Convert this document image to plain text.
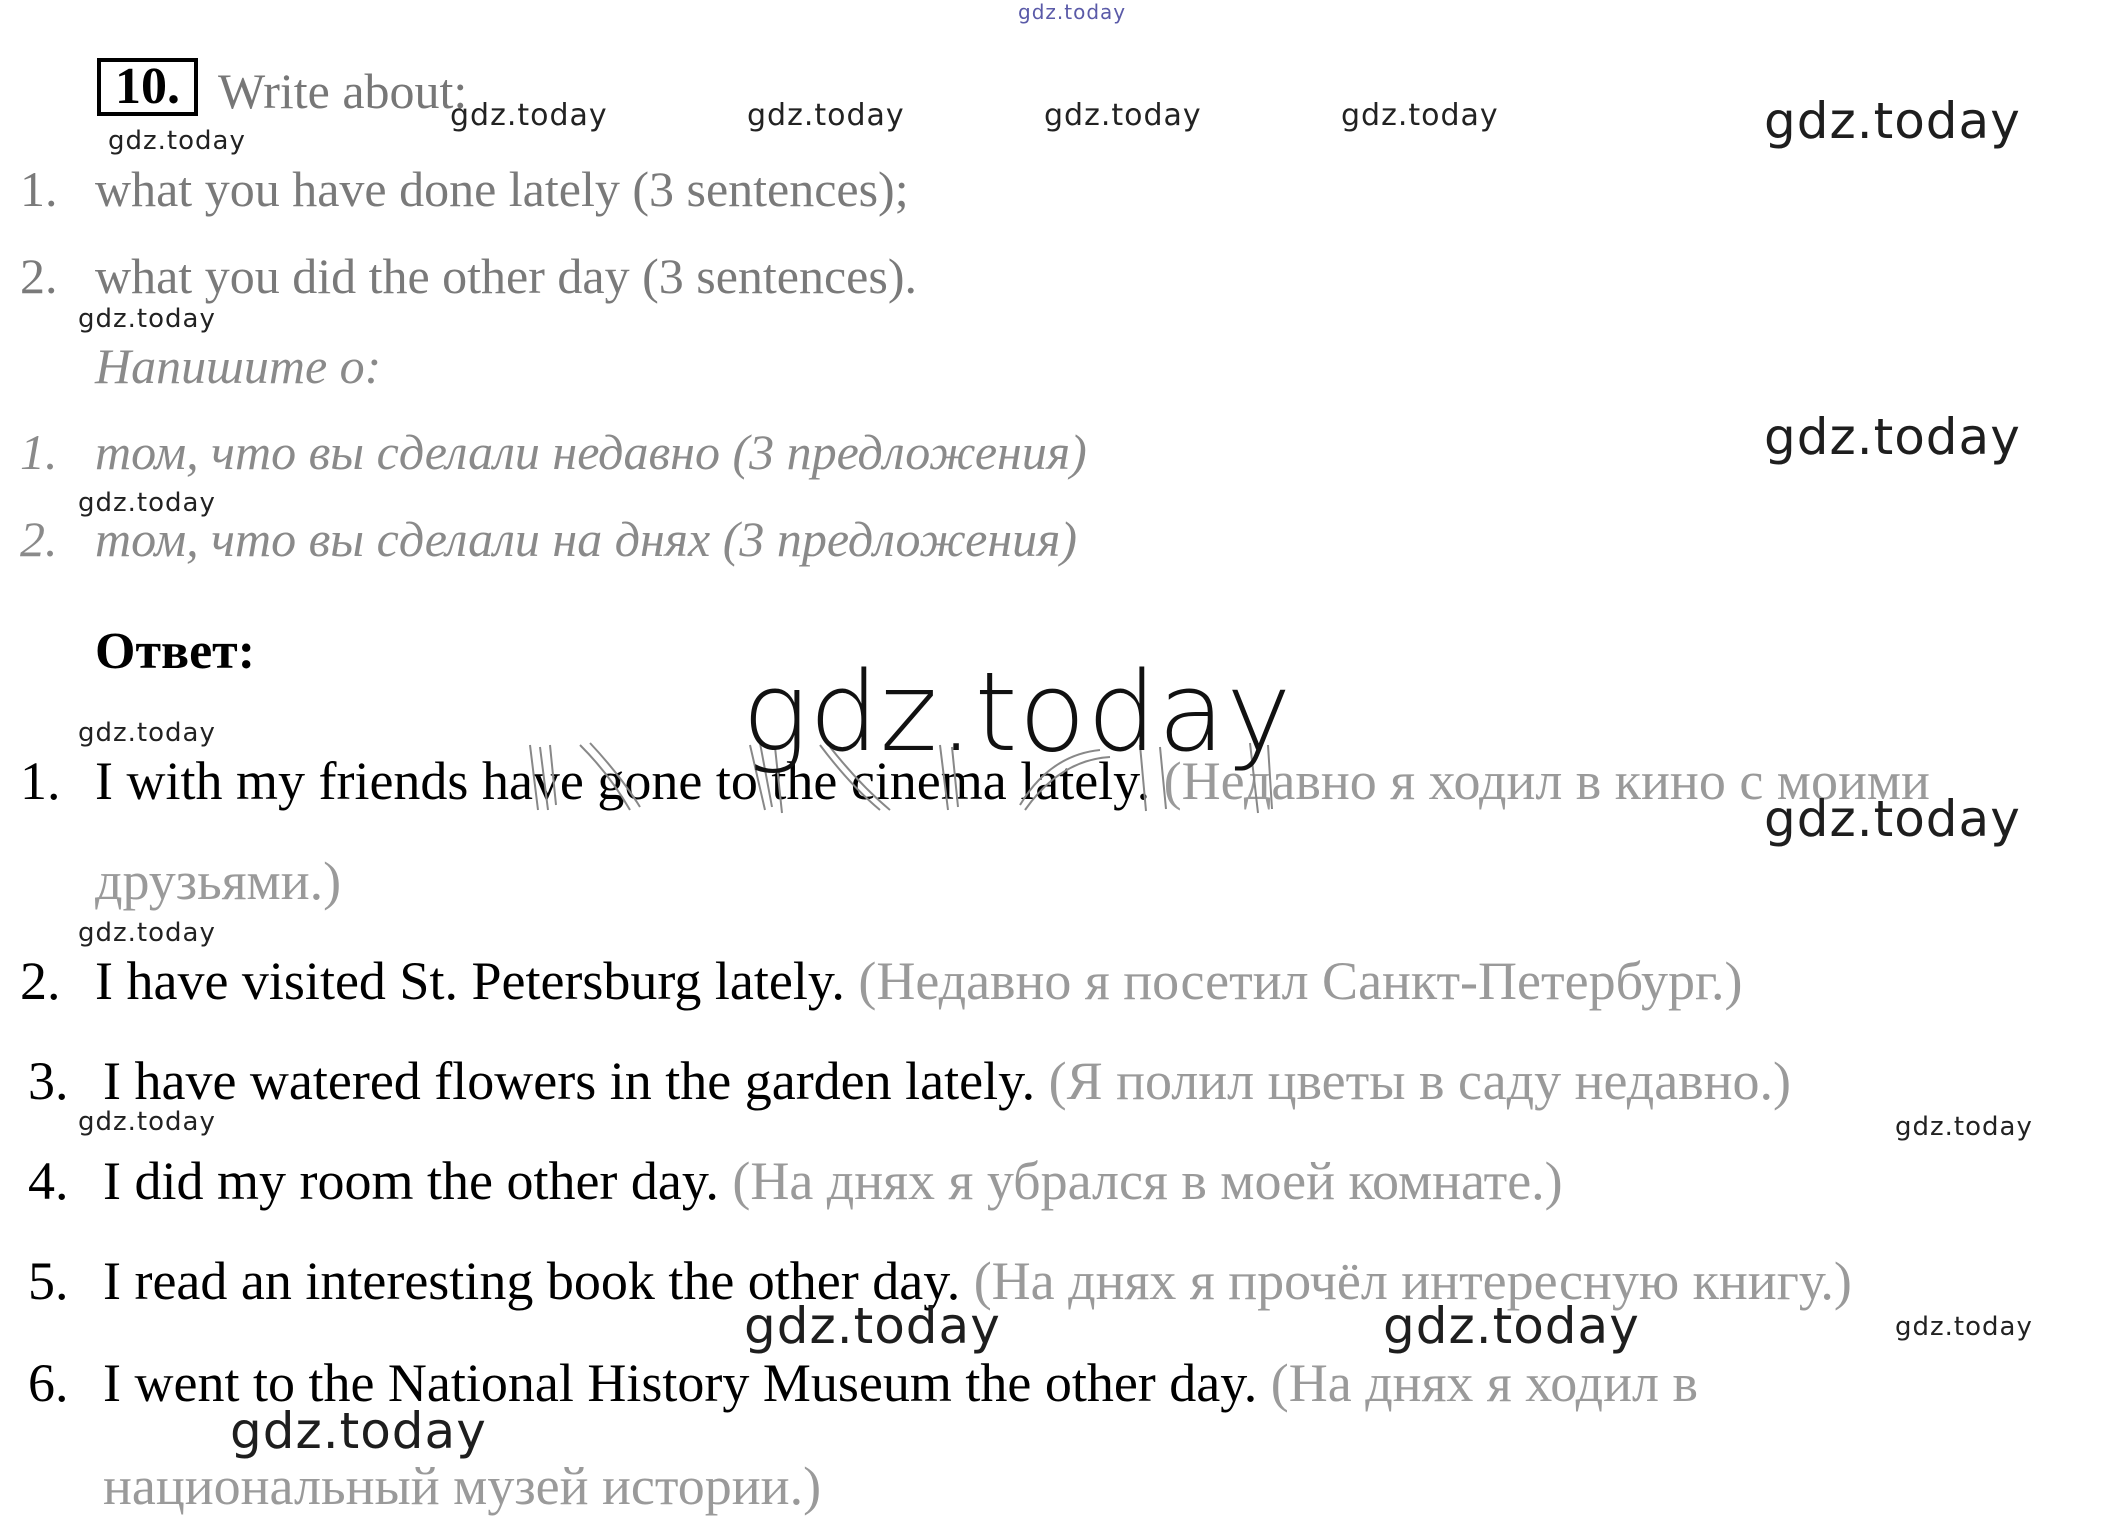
10. Write about:
1. what you have done lately (3 sentences);
2. what you did the other day (3 sentences).
Напишите о:
1. том, что вы сделали недавно (3 предложения)
2. том, что вы сделали на днях (3 предложения)
Ответ:
1. I with my friends have gone to the cinema lately. (Недавно я ходил в кино с моими
друзьями.)
2. I have visited St. Petersburg lately. (Недавно я посетил Санкт-Петербург.)
3. I have watered flowers in the garden lately. (Я полил цветы в саду недавно.)
4. I did my room the other day. (На днях я убрался в моей комнате.)
5. I read an interesting book the other day. (На днях я прочёл интересную книгу.)
6. I went to the National History Museum the other day. (На днях я ходил в
национальный музей истории.)
gdz.today
gdz.today
gdz.today	gdz.today	gdz.today	gdz.today	gdz.today
gdz.today
gdz.today
gdz.today
gdz.today
gdz.today
gdz.today
gdz.today
gdz.today	gdz.today
gdz.today	gdz.today	gdz.today
gdz.today
